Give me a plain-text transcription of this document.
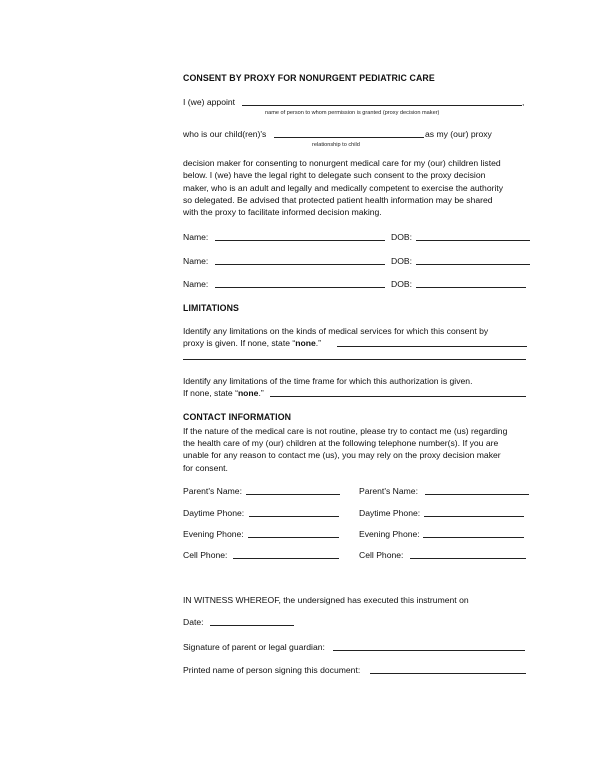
CONSENT BY PROXY FOR NONURGENT PEDIATRIC CARE
I (we) appoint	,
name of person to whom permission is granted (proxy decision maker)
who is our child(ren)'s	as my (our) proxy
relationship to child
decision maker for consenting to nonurgent medical care for my (our) children listed
below. I (we) have the legal right to delegate such consent to the proxy decision
maker, who is an adult and legally and medically competent to exercise the authority
so delegated. Be advised that protected patient health information may be shared
with the proxy to facilitate informed decision making.
Name:	DOB:
Name:	DOB:
Name:	DOB:
LIMITATIONS
Identify any limitations on the kinds of medical services for which this consent by
proxy is given. If none, state “none.”
Identify any limitations of the time frame for which this authorization is given.
If none, state “none.”
CONTACT INFORMATION
If the nature of the medical care is not routine, please try to contact me (us) regarding
the health care of my (our) children at the following telephone number(s). If you are
unable for any reason to contact me (us), you may rely on the proxy decision maker
for consent.
Parent's Name:	Parent's Name:
Daytime Phone:	Daytime Phone:
Evening Phone:	Evening Phone:
Cell Phone:	Cell Phone:
IN WITNESS WHEREOF, the undersigned has executed this instrument on
Date:
Signature of parent or legal guardian:
Printed name of person signing this document:
